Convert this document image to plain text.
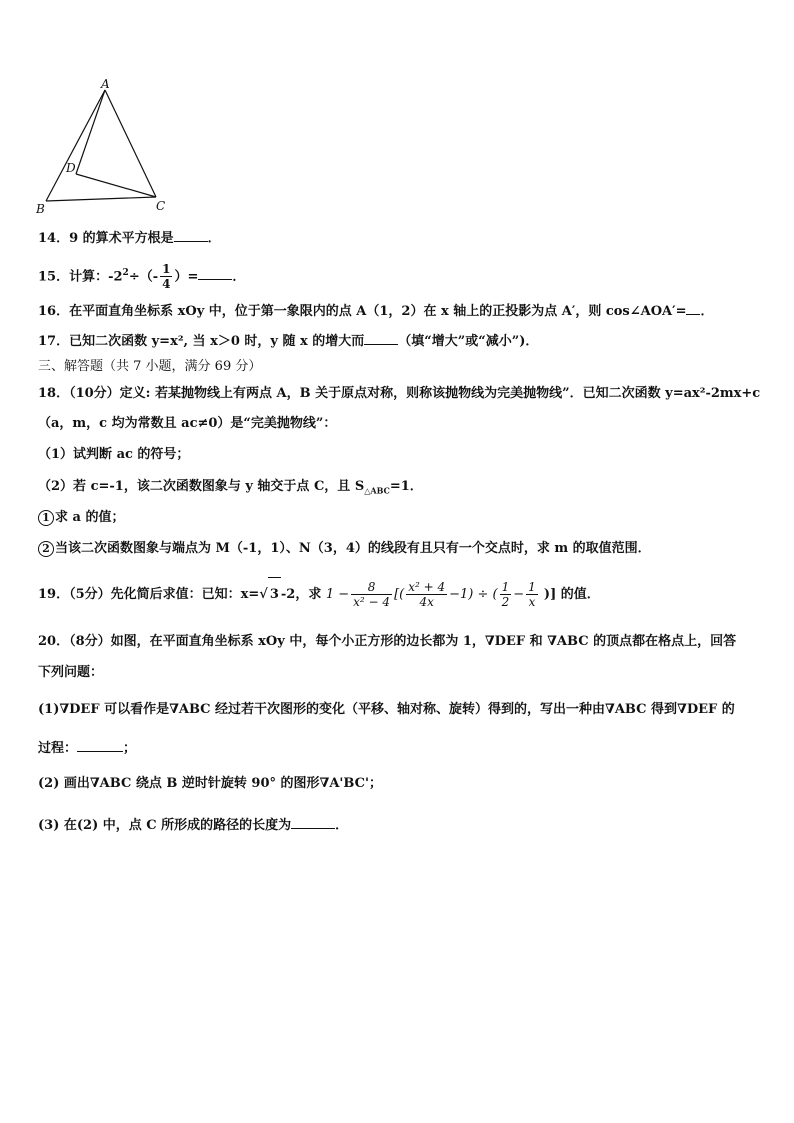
A
B	C
D
14．9 的算术平方根是	．
15．计算：$-2^2\div(- \frac{1}{4}$ ）=	．
16．在平面直角坐标系 xOy 中，位于第一象限内的点 A（1，2）在 x 轴上的正投影为点 A′，则 cos∠AOA′= ．
17．已知二次函数 y=x², 当 x＞0 时，y 随 x 的增大而	（填“增大”或“减小”)．
三、解答题（共 7 小题，满分 69 分）
18．（10分）定义: 若某抛物线上有两点 A，B 关于原点对称，则称该抛物线为完美抛物线”．已知二次函数 y=ax²-2mx+c
（a，m，c 均为常数且 ac≠0）是“完美抛物线”：
（1）试判断 ac 的符号；
（2）若 c=-1，该二次函数图象与 y 轴交于点 C，且 $S_{\triangle ABC}=1$．
1 求 a 的值；
2 当该二次函数图象与端点为 M（-1，1）、N（3，4）的线段有且只有一个交点时，求 m 的取值范围．
19．（5分）先化简后求值：已知：x=√ 3 -2，求 $1 - \frac{8}{\text{x² − 4}}$ [( $\frac{\text{x² + 4}}{4x} -1$) ÷ ( $\frac{1}{2} - \frac{1}{x}$ )] 的值．
20．（8分）如图，在平面直角坐标系 xOy 中，每个小正方形的边长都为 1，∇DEF 和 ∇ABC 的顶点都在格点上，回答
下列问题：
(1)∇DEF 可以看作是∇ABC 经过若干次图形的变化（平移、轴对称、旋转）得到的，写出一种由∇ABC 得到∇DEF 的
过程：	；
(2) 画出∇ABC 绕点 B 逆时针旋转 90° 的图形∇A'BC'；
(3) 在(2) 中，点 C 所形成的路径的长度为	．
